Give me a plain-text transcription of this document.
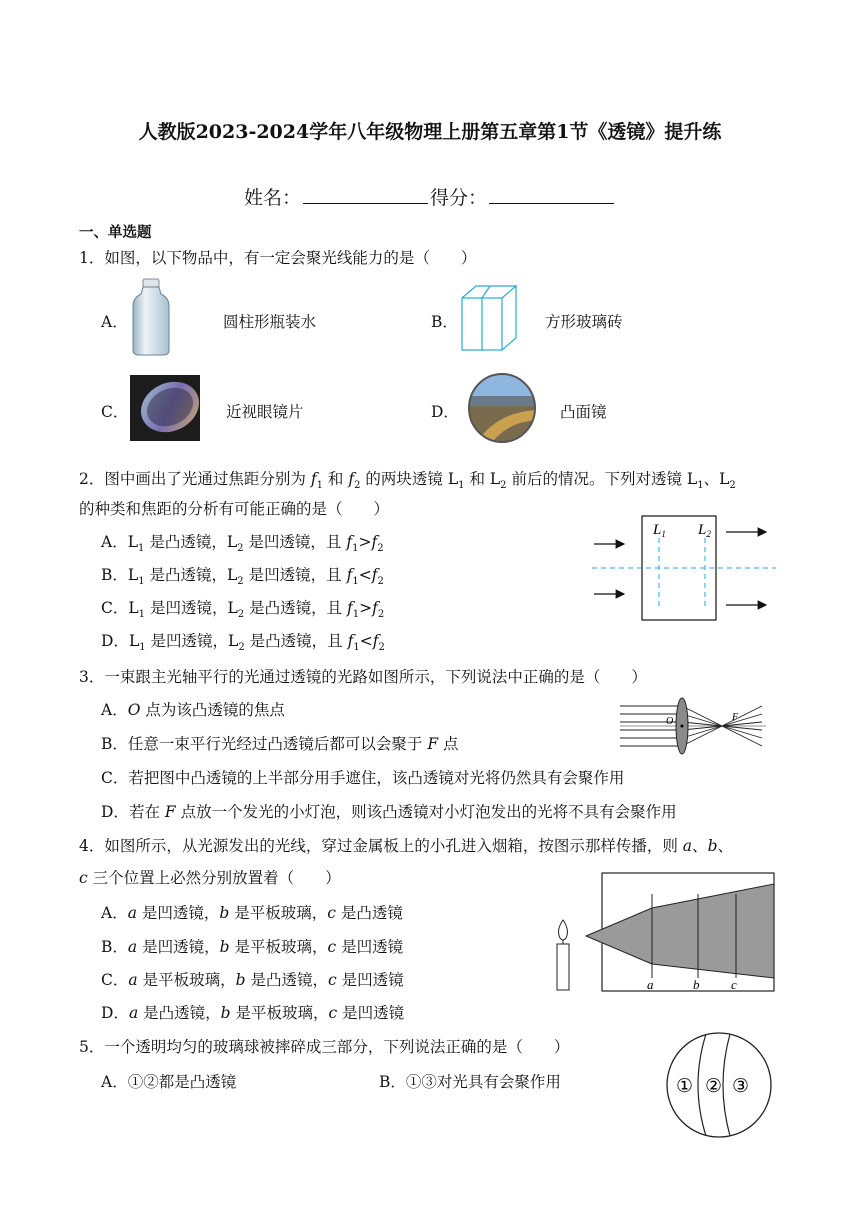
人教版2023-2024学年八年级物理上册第五章第1节《透镜》提升练
姓名：	得分：
一、单选题
1．如图，以下物品中，有一定会聚光线能力的是（　　）
A．	圆柱形瓶装水	B．	方形玻璃砖
C．	近视眼镜片	D．	凸面镜
2．图中画出了光通过焦距分别为 $f_1$ 和 $f_2$ 的两块透镜 $L_1$ 和 $L_2$ 前后的情况。下列对透镜 $L_1$、$L_2$
的种类和焦距的分析有可能正确的是（　　）
A．$L_1$ 是凸透镜，$L_2$ 是凹透镜，且 $f_1>f_2$
B．$L_1$ 是凸透镜，$L_2$ 是凹透镜，且 $f_1<f_2$
C．$L_1$ 是凹透镜，$L_2$ 是凸透镜，且 $f_1>f_2$
D．$L_1$ 是凹透镜，$L_2$ 是凸透镜，且 $f_1<f_2$
$L_1$ $L_2$
3．一束跟主光轴平行的光通过透镜的光路如图所示，下列说法中正确的是（　　）
A．O 点为该凸透镜的焦点
B．任意一束平行光经过凸透镜后都可以会聚于 F 点
C．若把图中凸透镜的上半部分用手遮住，该凸透镜对光将仍然具有会聚作用
D．若在 F 点放一个发光的小灯泡，则该凸透镜对小灯泡发出的光将不具有会聚作用
O	F
4．如图所示，从光源发出的光线，穿过金属板上的小孔进入烟箱，按图示那样传播，则 a、b、
c 三个位置上必然分别放置着（　　）
A．a 是凹透镜，b 是平板玻璃，c 是凸透镜
B．a 是凹透镜，b 是平板玻璃，c 是凹透镜
C．a 是平板玻璃，b 是凸透镜，c 是凹透镜
D．a 是凸透镜，b 是平板玻璃，c 是凹透镜
a	b c
5．一个透明均匀的玻璃球被摔碎成三部分，下列说法正确的是（　　）
A．①②都是凸透镜	B．①③对光具有会聚作用	① ② ③
